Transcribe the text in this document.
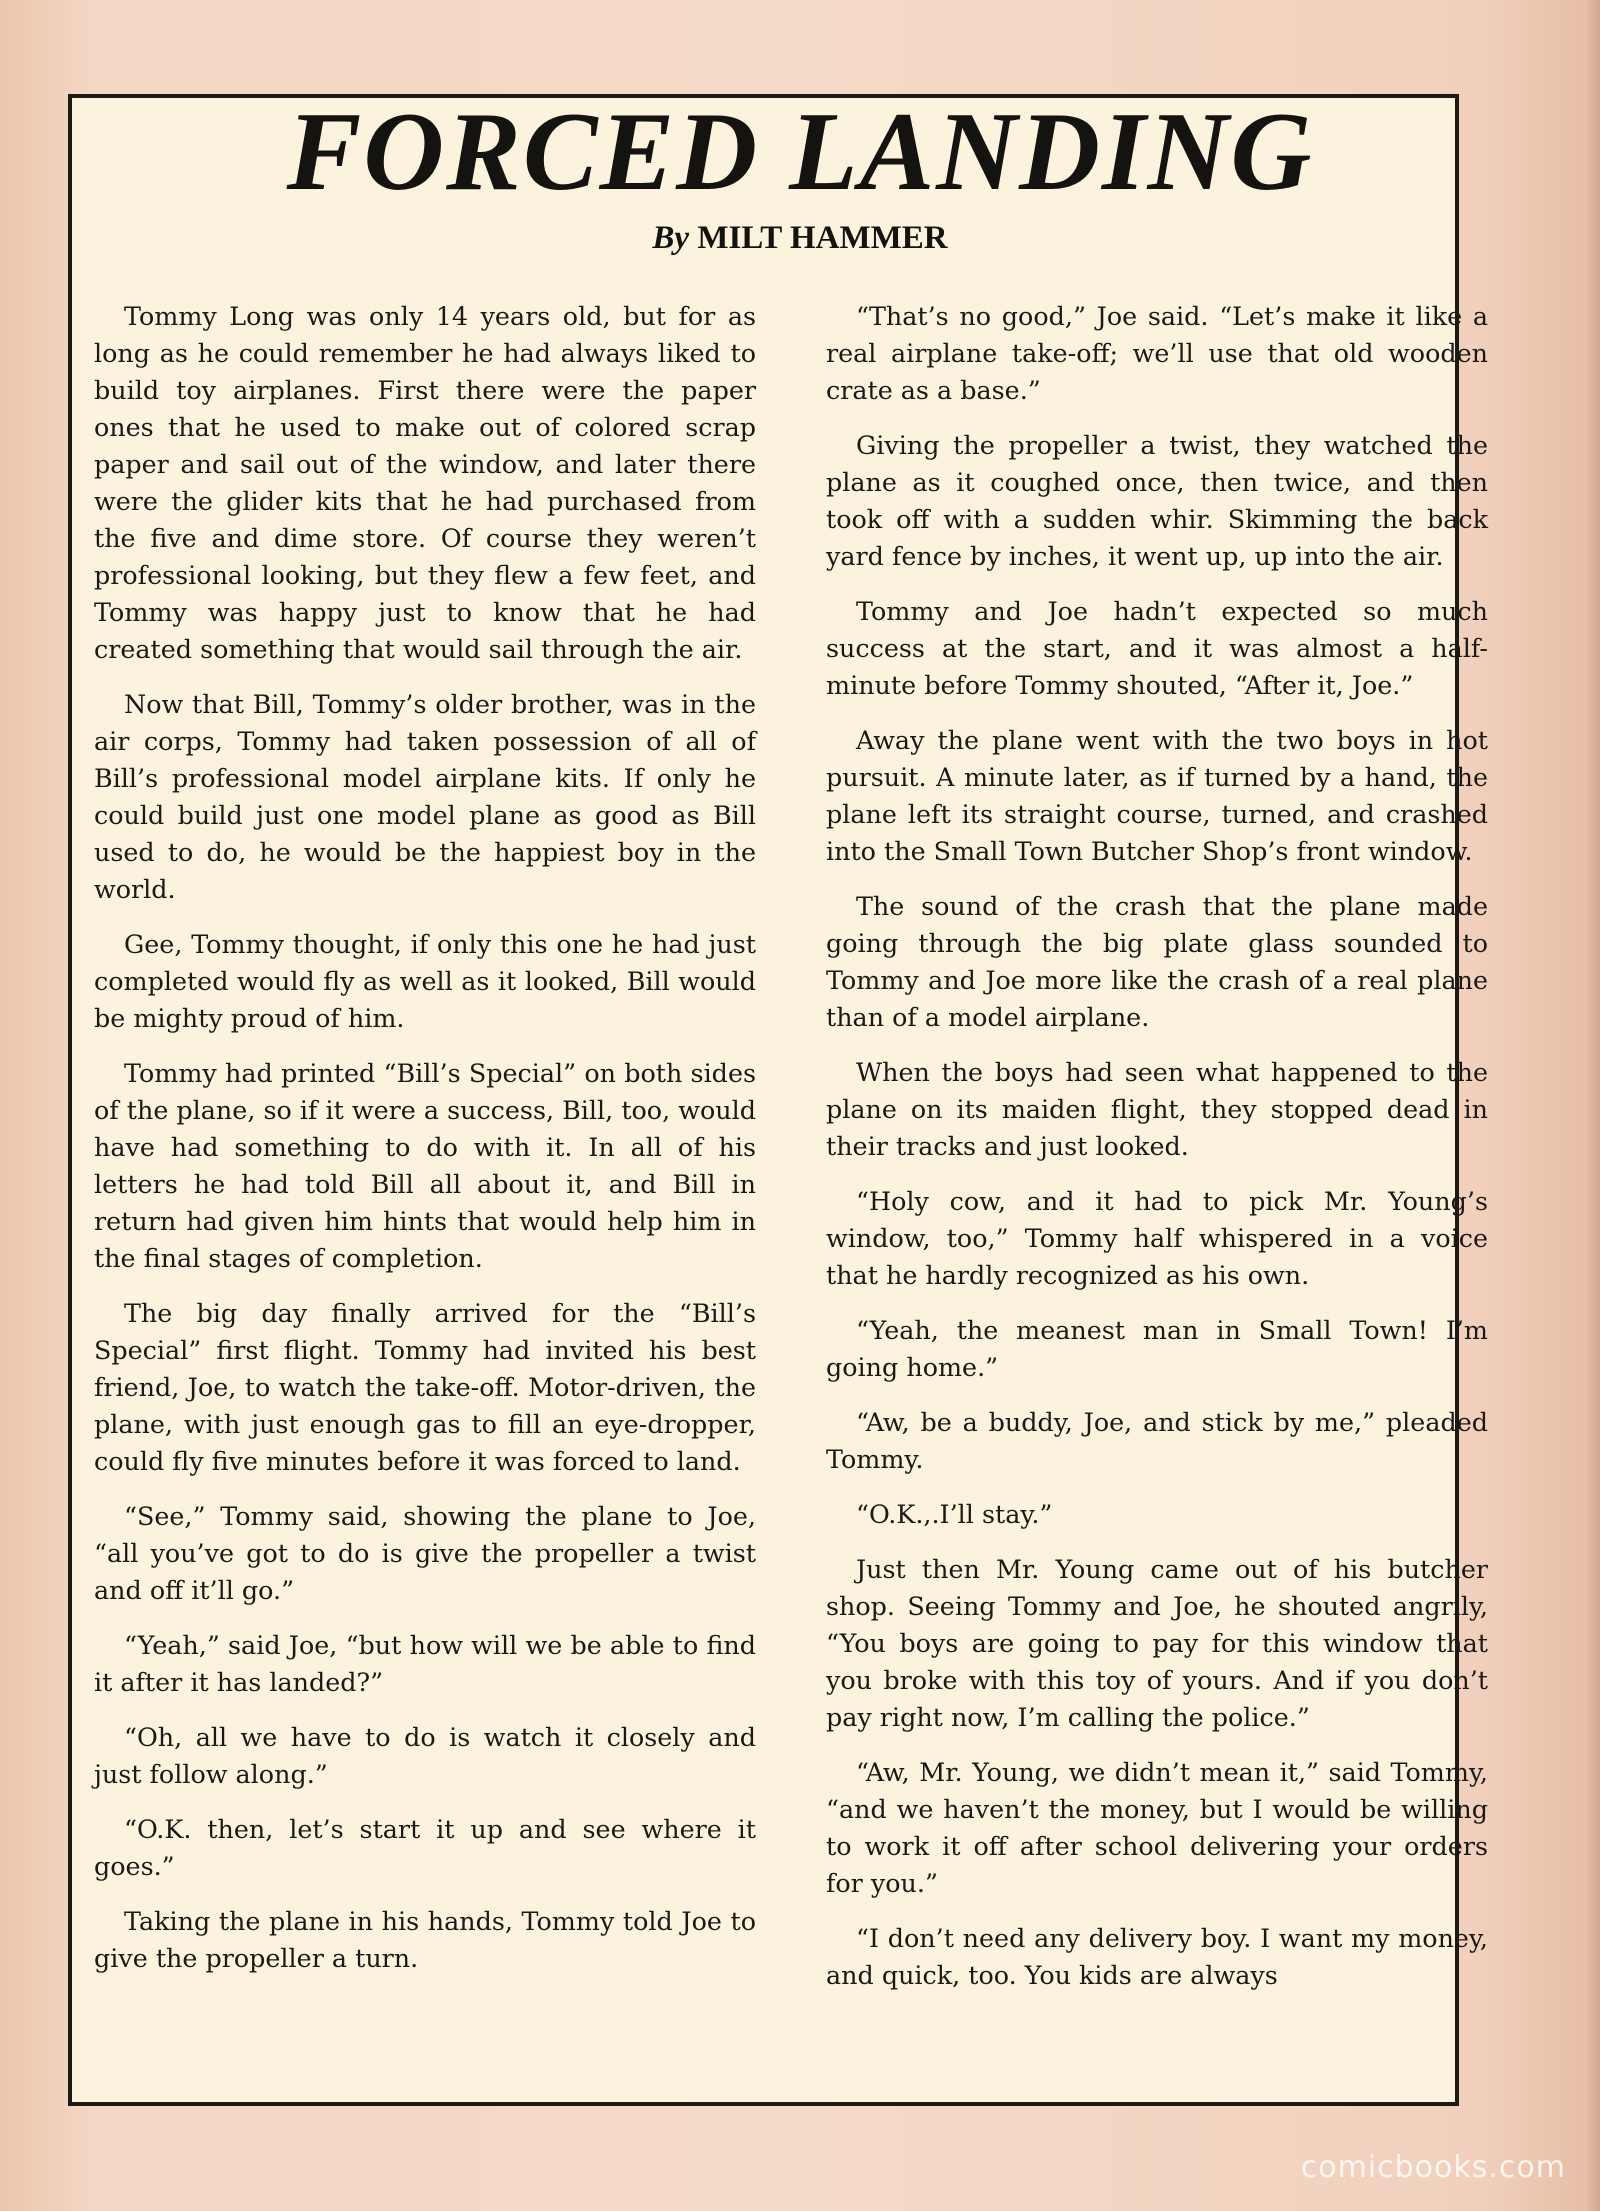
FORCED LANDING
By MILT HAMMER

Tommy Long was only 14 years old, but for as long as he could remember he had always liked to build toy airplanes. First there were the paper ones that he used to make out of colored scrap paper and sail out of the window, and later there were the glider kits that he had purchased from the five and dime store. Of course they weren’t professional looking, but they flew a few feet, and Tommy was happy just to know that he had created something that would sail through the air.

Now that Bill, Tommy’s older brother, was in the air corps, Tommy had taken possession of all of Bill’s professional model airplane kits. If only he could build just one model plane as good as Bill used to do, he would be the happiest boy in the world.

Gee, Tommy thought, if only this one he had just completed would fly as well as it looked, Bill would be mighty proud of him.

Tommy had printed “Bill’s Special” on both sides of the plane, so if it were a success, Bill, too, would have had something to do with it. In all of his letters he had told Bill all about it, and Bill in return had given him hints that would help him in the final stages of completion.

The big day finally arrived for the “Bill’s Special” first flight. Tommy had invited his best friend, Joe, to watch the take-off. Motor-driven, the plane, with just enough gas to fill an eye-dropper, could fly five minutes before it was forced to land.

“See,” Tommy said, showing the plane to Joe, “all you’ve got to do is give the propeller a twist and off it’ll go.”

“Yeah,” said Joe, “but how will we be able to find it after it has landed?”

“Oh, all we have to do is watch it closely and just follow along.”

“O.K. then, let’s start it up and see where it goes.”

Taking the plane in his hands, Tommy told Joe to give the propeller a turn.

“That’s no good,” Joe said. “Let’s make it like a real airplane take-off; we’ll use that old wooden crate as a base.”

Giving the propeller a twist, they watched the plane as it coughed once, then twice, and then took off with a sudden whir. Skimming the back yard fence by inches, it went up, up into the air.

Tommy and Joe hadn’t expected so much success at the start, and it was almost a half-minute before Tommy shouted, “After it, Joe.”

Away the plane went with the two boys in hot pursuit. A minute later, as if turned by a hand, the plane left its straight course, turned, and crashed into the Small Town Butcher Shop’s front window.

The sound of the crash that the plane made going through the big plate glass sounded to Tommy and Joe more like the crash of a real plane than of a model airplane.

When the boys had seen what happened to the plane on its maiden flight, they stopped dead in their tracks and just looked.

“Holy cow, and it had to pick Mr. Young’s window, too,” Tommy half whispered in a voice that he hardly recognized as his own.

“Yeah, the meanest man in Small Town! I’m going home.”

“Aw, be a buddy, Joe, and stick by me,” pleaded Tommy.

“O.K.,.I’ll stay.”

Just then Mr. Young came out of his butcher shop. Seeing Tommy and Joe, he shouted angrily, “You boys are going to pay for this window that you broke with this toy of yours. And if you don’t pay right now, I’m calling the police.”

“Aw, Mr. Young, we didn’t mean it,” said Tommy, “and we haven’t the money, but I would be willing to work it off after school delivering your orders for you.”

“I don’t need any delivery boy. I want my money, and quick, too. You kids are always

comicbooks.com
